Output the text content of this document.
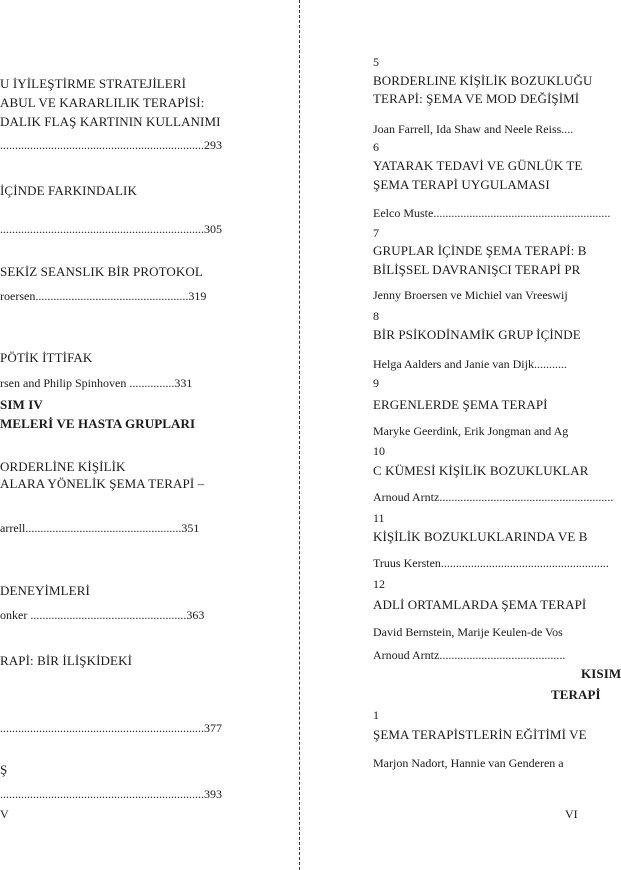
U İYİLEŞTİRME STRATEJİLERİ
ABUL VE KARARLILIK TERAPİSİ:
DALIK FLAŞ KARTININ KULLANIMI
....................................................................293
İÇİNDE FARKINDALIK
....................................................................305
SEKİZ SEANSLIK BİR PROTOKOL
roersen...................................................319
PÖTİK İTTİFAK
rsen and Philip Spinhoven ...............331
SIM IV
MELERİ VE HASTA GRUPLARI
ORDERLİNE KİŞİLİK
ALARA YÖNELİK ŞEMA TERAPİ –
arrell....................................................351
DENEYİMLERİ
onker ....................................................363
RAPİ: BİR İLİŞKİDEKİ
....................................................................377
Ş
....................................................................393
V
5
BORDERLINE KİŞİLİK BOZUKLUĞU
TERAPİ: ŞEMA VE MOD DEĞİŞİMİ
Joan Farrell, Ida Shaw and Neele Reiss....
6
YATARAK TEDAVİ VE GÜNLÜK TE
ŞEMA TERAPİ UYGULAMASI
Eelco Muste...........................................................
7
GRUPLAR İÇİNDE ŞEMA TERAPİ: B
BİLİŞSEL DAVRANIŞCI TERAPİ PR
Jenny Broersen ve Michiel van Vreeswij
8
BİR PSİKODİNAMİK GRUP İÇİNDE
Helga Aalders and Janie van Dijk...........
9
ERGENLERDE ŞEMA TERAPİ
Maryke Geerdink, Erik Jongman and Ag
10
C KÜMESİ KİŞİLİK BOZUKLUKLAR
Arnoud Arntz..........................................................
11
KİŞİLİK BOZUKLUKLARINDA VE B
Truus Kersten........................................................
12
ADLİ ORTAMLARDA ŞEMA TERAPİ
David Bernstein, Marije Keulen-de Vos
Arnoud Arntz..........................................
KISIM
TERAPİ
1
ŞEMA TERAPİSTLERİN EĞİTİMİ VE
Marjon Nadort, Hannie van Genderen a
VI
